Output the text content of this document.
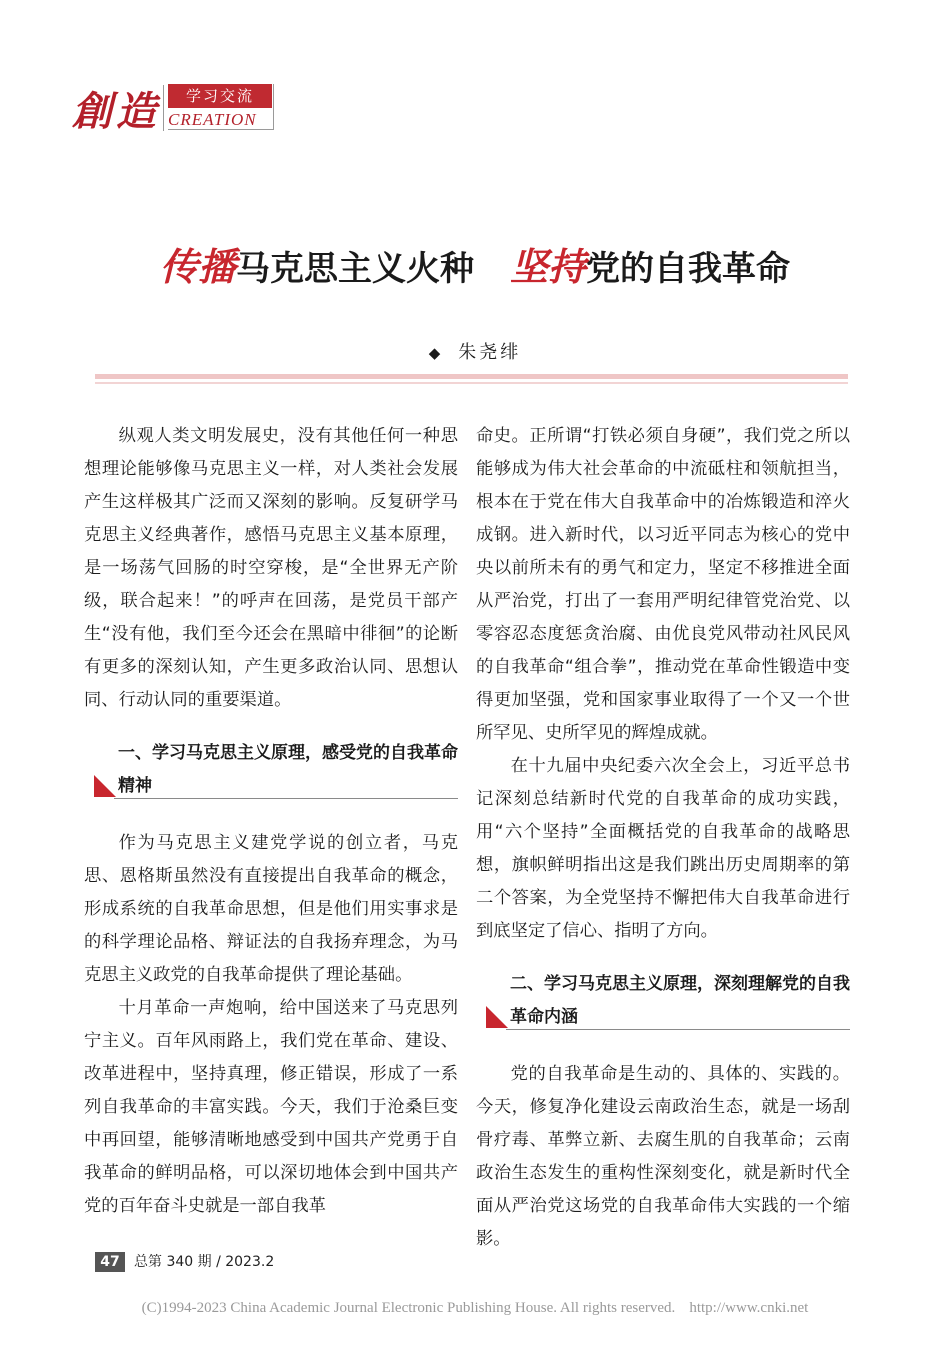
創造	学习交流
CREATION
传播马克思主义火种 坚持党的自我革命
◆ 朱尧绯

纵观人类文明发展史，没有其他任何一种思想理论能够像马克思主义一样，对人类社会发展产生这样极其广泛而又深刻的影响。反复研学马克思主义经典著作，感悟马克思主义基本原理，是一场荡气回肠的时空穿梭，是“全世界无产阶级，联合起来！”的呼声在回荡，是党员干部产生“没有他，我们至今还会在黑暗中徘徊”的论断有更多的深刻认知，产生更多政治认同、思想认同、行动认同的重要渠道。

一、学习马克思主义原理，感受党的自我革命精神

作为马克思主义建党学说的创立者，马克思、恩格斯虽然没有直接提出自我革命的概念，形成系统的自我革命思想，但是他们用实事求是的科学理论品格、辩证法的自我扬弃理念，为马克思主义政党的自我革命提供了理论基础。

十月革命一声炮响，给中国送来了马克思列宁主义。百年风雨路上，我们党在革命、建设、改革进程中，坚持真理，修正错误，形成了一系列自我革命的丰富实践。今天，我们于沧桑巨变中再回望，能够清晰地感受到中国共产党勇于自我革命的鲜明品格，可以深切地体会到中国共产党的百年奋斗史就是一部自我革

命史。正所谓“打铁必须自身硬”，我们党之所以能够成为伟大社会革命的中流砥柱和领航担当，根本在于党在伟大自我革命中的冶炼锻造和淬火成钢。进入新时代，以习近平同志为核心的党中央以前所未有的勇气和定力，坚定不移推进全面从严治党，打出了一套用严明纪律管党治党、以零容忍态度惩贪治腐、由优良党风带动社风民风的自我革命“组合拳”，推动党在革命性锻造中变得更加坚强，党和国家事业取得了一个又一个世所罕见、史所罕见的辉煌成就。

在十九届中央纪委六次全会上，习近平总书记深刻总结新时代党的自我革命的成功实践，用“六个坚持”全面概括党的自我革命的战略思想，旗帜鲜明指出这是我们跳出历史周期率的第二个答案，为全党坚持不懈把伟大自我革命进行到底坚定了信心、指明了方向。

二、学习马克思主义原理，深刻理解党的自我革命内涵

党的自我革命是生动的、具体的、实践的。今天，修复净化建设云南政治生态，就是一场刮骨疗毒、革弊立新、去腐生肌的自我革命；云南政治生态发生的重构性深刻变化，就是新时代全面从严治党这场党的自我革命伟大实践的一个缩影。

47	总第 340 期 / 2023.2
(C)1994-2023 China Academic Journal Electronic Publishing House. All rights reserved. http://www.cnki.net
